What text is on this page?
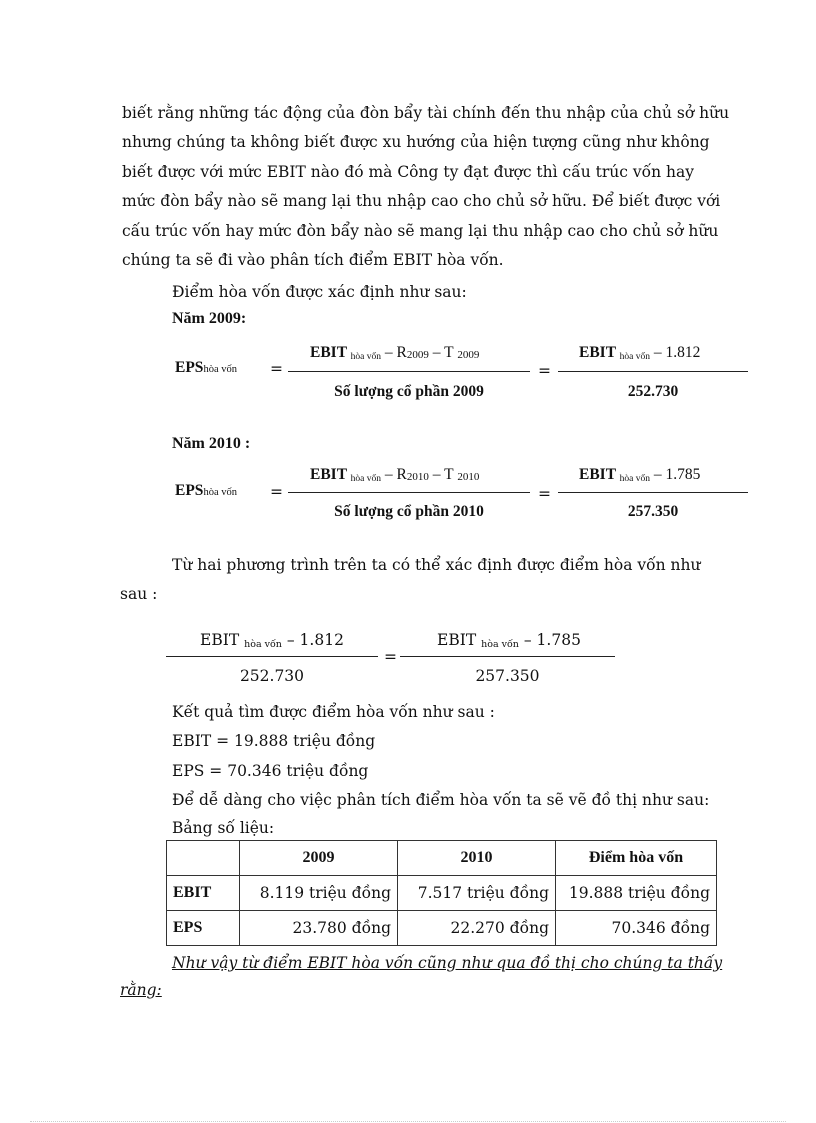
biết rằng những tác động của đòn bẩy tài chính đến thu nhập của chủ sở hữu
nhưng chúng ta không biết được xu hướng của hiện tượng cũng như không
biết được với mức EBIT nào đó mà Công ty đạt được thì cấu trúc vốn hay
mức đòn bẩy nào sẽ mang lại thu nhập cao cho chủ sở hữu. Để biết được với
cấu trúc vốn hay mức đòn bẩy nào sẽ mang lại thu nhập cao cho chủ sở hữu
chúng ta sẽ đi vào phân tích điểm EBIT hòa vốn.
Điểm hòa vốn được xác định như sau:
Năm 2009:
EPShòa vốn =
EBIT $_{hòa vốn} - R_{2009}$ – T $_{2009}$
Số lượng cổ phần 2009
=
EBIT $_{hòa vốn}$ – 1.812
252.730
Năm 2010 :
EPShòa vốn =
EBIT $_{hòa vốn} - R_{2010}$ – T $_{2010}$
Số lượng cổ phần 2010
=
EBIT $_{hòa vốn}$ – 1.785
257.350
Từ hai phương trình trên ta có thể xác định được điểm hòa vốn như
sau :
EBIT $_{hòa vốn}$ – 1.812
252.730
=
EBIT $_{hòa vốn}$ – 1.785
257.350
Kết quả tìm được điểm hòa vốn như sau :
EBIT = 19.888 triệu đồng
EPS = 70.346 triệu đồng
Để dễ dàng cho việc phân tích điểm hòa vốn ta sẽ vẽ đồ thị như sau:
Bảng số liệu:
	2009	2010	Điểm hòa vốn
EBIT	8.119 triệu đồng	7.517 triệu đồng	19.888 triệu đồng
EPS	23.780 đồng	22.270 đồng	70.346 đồng
Như vậy từ điểm EBIT hòa vốn cũng như qua đồ thị cho chúng ta thấy
rằng:
